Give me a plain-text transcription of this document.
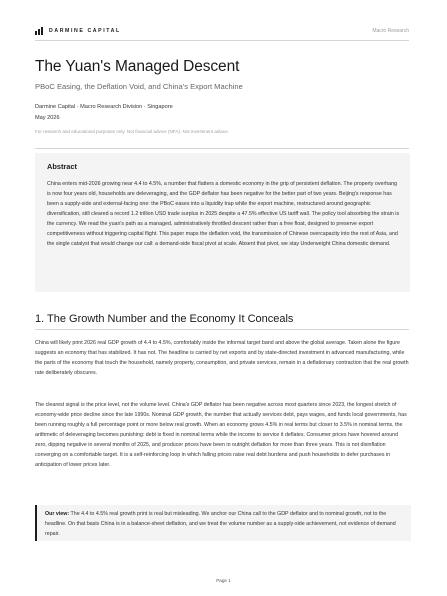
DARMINE CAPITAL	Macro Research
The Yuan's Managed Descent
PBoC Easing, the Deflation Void, and China's Export Machine
Darmine Capital · Macro Research Division · Singapore
May 2026
For research and educational purposes only. Not financial advice (NFA). Not investment advice.
Abstract

China enters mid-2026 growing near 4.4 to 4.5%, a number that flatters a domestic economy in the grip of persistent deflation. The property overhang is now four years old, households are deleveraging, and the GDP deflator has been negative for the better part of two years. Beijing's response has been a supply-side and external-facing one: the PBoC eases into a liquidity trap while the export machine, restructured around geographic diversification, still cleared a record 1.2 trillion USD trade surplus in 2025 despite a 47.5% effective US tariff wall. The policy tool absorbing the strain is the currency. We read the yuan's path as a managed, administratively throttled descent rather than a free float, designed to preserve export competitiveness without triggering capital flight. This paper maps the deflation void, the transmission of Chinese overcapacity into the rest of Asia, and the single catalyst that would change our call: a demand-side fiscal pivot at scale. Absent that pivot, we stay Underweight China domestic demand.

1. The Growth Number and the Economy It Conceals

China will likely print 2026 real GDP growth of 4.4 to 4.5%, comfortably inside the informal target band and above the global average. Taken alone the figure suggests an economy that has stabilized. It has not. The headline is carried by net exports and by state-directed investment in advanced manufacturing, while the parts of the economy that touch the household, namely property, consumption, and private services, remain in a deflationary contraction that the real growth rate deliberately obscures.

The clearest signal is the price level, not the volume level. China's GDP deflator has been negative across most quarters since 2023, the longest stretch of economy-wide price decline since the late 1990s. Nominal GDP growth, the number that actually services debt, pays wages, and funds local governments, has been running roughly a full percentage point or more below real growth. When an economy grows 4.5% in real terms but closer to 3.5% in nominal terms, the arithmetic of deleveraging becomes punishing: debt is fixed in nominal terms while the income to service it deflates. Consumer prices have hovered around zero, dipping negative in several months of 2025, and producer prices have been in outright deflation for more than three years. This is not disinflation converging on a comfortable target. It is a self-reinforcing loop in which falling prices raise real debt burdens and push households to defer purchases in anticipation of lower prices later.

Our view: The 4.4 to 4.5% real growth print is real but misleading. We anchor our China call to the GDP deflator and to nominal growth, not to the headline. On that basis China is in a balance-sheet deflation, and we treat the volume number as a supply-side achievement, not evidence of demand repair.
Page 1
